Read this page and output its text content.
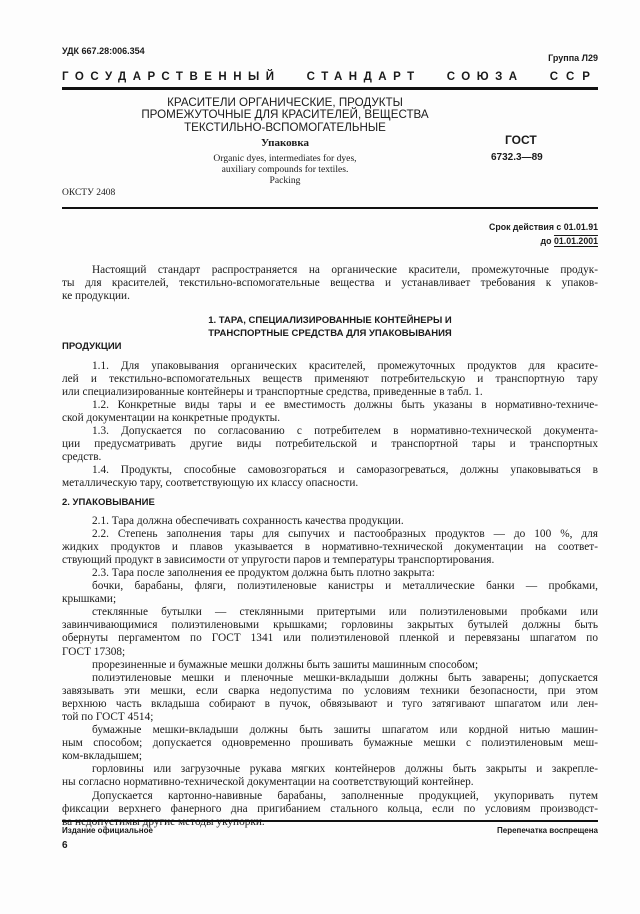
УДК 667.28:006.354
Группа Л29
ГОСУДАРСТВЕННЫЙ СТАНДАРТ СОЮЗА ССР
КРАСИТЕЛИ ОРГАНИЧЕСКИЕ, ПРОДУКТЫ
ПРОМЕЖУТОЧНЫЕ ДЛЯ КРАСИТЕЛЕЙ, ВЕЩЕСТВА
ТЕКСТИЛЬНО-ВСПОМОГАТЕЛЬНЫЕ
Упаковка
Organic dyes, intermediates for dyes,
auxiliary compounds for textiles.
Packing
ГОСТ
6732.3—89
ОКСТУ 2408
Срок действия с 01.01.91
до 01.01.2001
Настоящий стандарт распространяется на органические красители, промежуточные продук-
ты для красителей, текстильно-вспомогательные вещества и устанавливает требования к упаков-
ке продукции.
1. ТАРА, СПЕЦИАЛИЗИРОВАННЫЕ КОНТЕЙНЕРЫ И
ТРАНСПОРТНЫЕ СРЕДСТВА ДЛЯ УПАКОВЫВАНИЯ
ПРОДУКЦИИ
1.1. Для упаковывания органических красителей, промежуточных продуктов для красите-
лей и текстильно-вспомогательных веществ применяют потребительскую и транспортную тару
или специализированные контейнеры и транспортные средства, приведенные в табл. 1.
1.2. Конкретные виды тары и ее вместимость должны быть указаны в нормативно-техниче-
ской документации на конкретные продукты.
1.3. Допускается по согласованию с потребителем в нормативно-технической документа-
ции предусматривать другие виды потребительской и транспортной тары и транспортных
средств.
1.4. Продукты, способные самовозгораться и саморазогреваться, должны упаковываться в
металлическую тару, соответствующую их классу опасности.
2. УПАКОВЫВАНИЕ
2.1. Тара должна обеспечивать сохранность качества продукции.
2.2. Степень заполнения тары для сыпучих и пастообразных продуктов — до 100 %, для
жидких продуктов и плавов указывается в нормативно-технической документации на соответ-
ствующий продукт в зависимости от упругости паров и температуры транспортирования.
2.3. Тара после заполнения ее продуктом должна быть плотно закрыта:
бочки, барабаны, фляги, полиэтиленовые канистры и металлические банки — пробками,
крышками;
стеклянные бутылки — стеклянными притертыми или полиэтиленовыми пробками или
завинчивающимися полиэтиленовыми крышками; горловины закрытых бутылей должны быть
обернуты пергаментом по ГОСТ 1341 или полиэтиленовой пленкой и перевязаны шпагатом по
ГОСТ 17308;
прорезиненные и бумажные мешки должны быть зашиты машинным способом;
полиэтиленовые мешки и пленочные мешки-вкладыши должны быть заварены; допускается
завязывать эти мешки, если сварка недопустима по условиям техники безопасности, при этом
верхнюю часть вкладыша собирают в пучок, обвязывают и туго затягивают шпагатом или лен-
той по ГОСТ 4514;
бумажные мешки-вкладыши должны быть зашиты шпагатом или кордной нитью машин-
ным способом; допускается одновременно прошивать бумажные мешки с полиэтиленовым меш-
ком-вкладышем;
горловины или загрузочные рукава мягких контейнеров должны быть закрыты и закрепле-
ны согласно нормативно-технической документации на соответствующий контейнер.
Допускается картонно-навивные барабаны, заполненные продукцией, укупоривать путем
фиксации верхнего фанерного дна пригибанием стального кольца, если по условиям производст-
Издание официальное	Перепечатка воспрещена
6
